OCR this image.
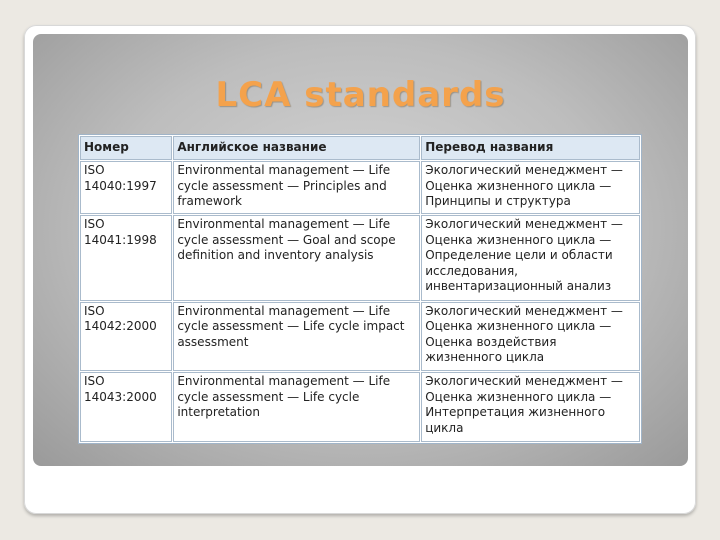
LCA standards
Номер	Английское название	Перевод названия
ISO 14040:1997	Environmental management — Life cycle assessment — Principles and framework	Экологический менеджмент — Оценка жизненного цикла — Принципы и структура
ISO 14041:1998	Environmental management — Life cycle assessment — Goal and scope definition and inventory analysis	Экологический менеджмент — Оценка жизненного цикла — Определение цели и области исследования, инвентаризационный анализ
ISO 14042:2000	Environmental management — Life cycle assessment — Life cycle impact assessment	Экологический менеджмент — Оценка жизненного цикла — Оценка воздействия жизненного цикла
ISO 14043:2000	Environmental management — Life cycle assessment — Life cycle interpretation	Экологический менеджмент — Оценка жизненного цикла — Интерпретация жизненного цикла
